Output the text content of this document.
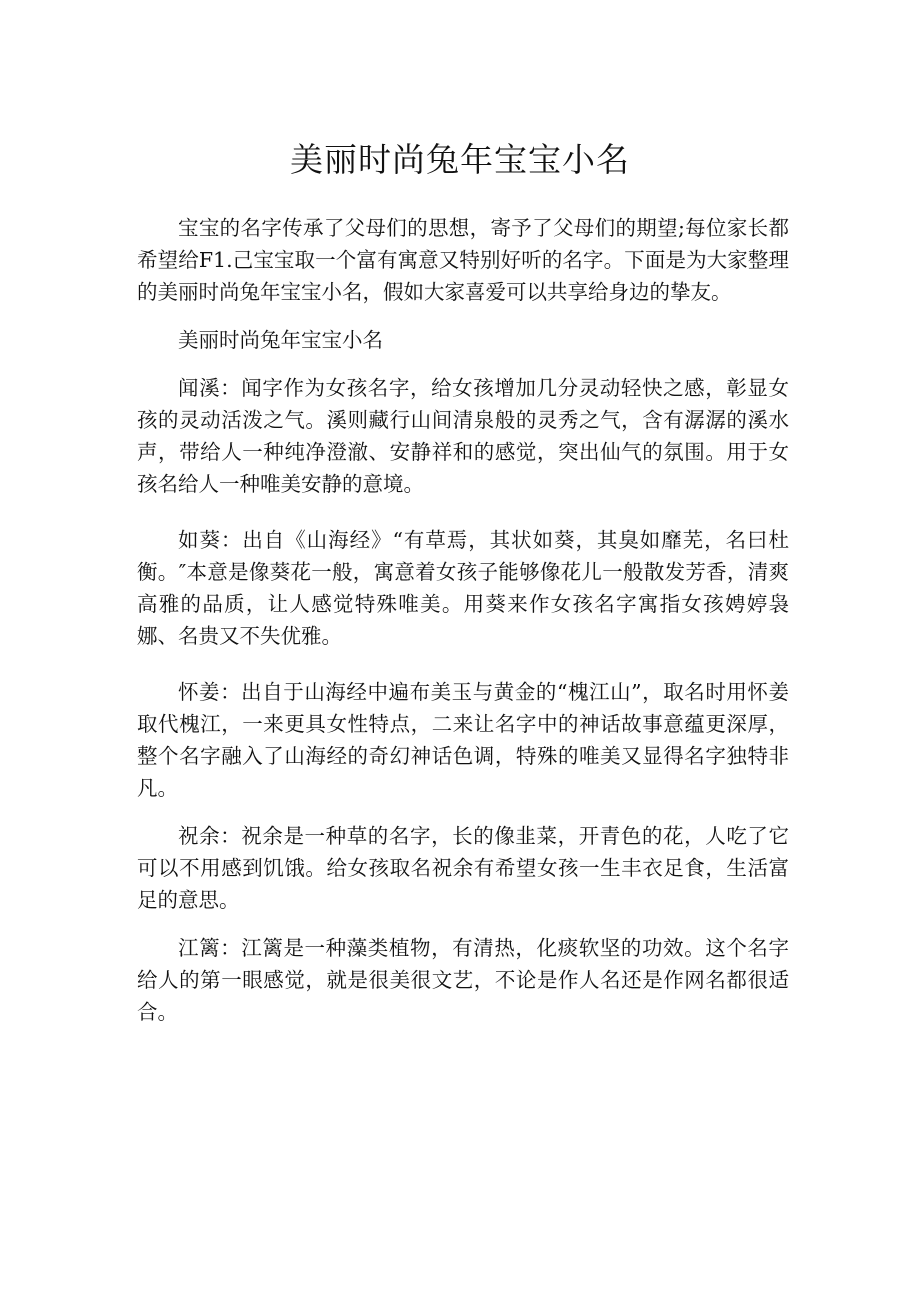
美丽时尚兔年宝宝小名

宝宝的名字传承了父母们的思想，寄予了父母们的期望;每位家长都希望给F1.己宝宝取一个富有寓意又特别好听的名字。下面是为大家整理的美丽时尚兔年宝宝小名，假如大家喜爱可以共享给身边的挚友。

美丽时尚兔年宝宝小名

闻溪：闻字作为女孩名字，给女孩增加几分灵动轻快之感，彰显女孩的灵动活泼之气。溪则藏行山间清泉般的灵秀之气，含有潺潺的溪水声，带给人一种纯净澄澈、安静祥和的感觉，突出仙气的氛围。用于女孩名给人一种唯美安静的意境。

如葵：出自《山海经》“有草焉，其状如葵，其臭如靡芜，名曰杜衡。″本意是像葵花一般，寓意着女孩子能够像花儿一般散发芳香，清爽高雅的品质，让人感觉特殊唯美。用葵来作女孩名字寓指女孩娉婷袅娜、名贵又不失优雅。

怀姜：出自于山海经中遍布美玉与黄金的“槐江山”，取名时用怀姜取代槐江，一来更具女性特点，二来让名字中的神话故事意蕴更深厚，整个名字融入了山海经的奇幻神话色调，特殊的唯美又显得名字独特非凡。

祝余：祝余是一种草的名字，长的像韭菜，开青色的花，人吃了它可以不用感到饥饿。给女孩取名祝余有希望女孩一生丰衣足食，生活富足的意思。

江篱：江篱是一种藻类植物，有清热，化痰软坚的功效。这个名字给人的第一眼感觉，就是很美很文艺，不论是作人名还是作网名都很适合。
